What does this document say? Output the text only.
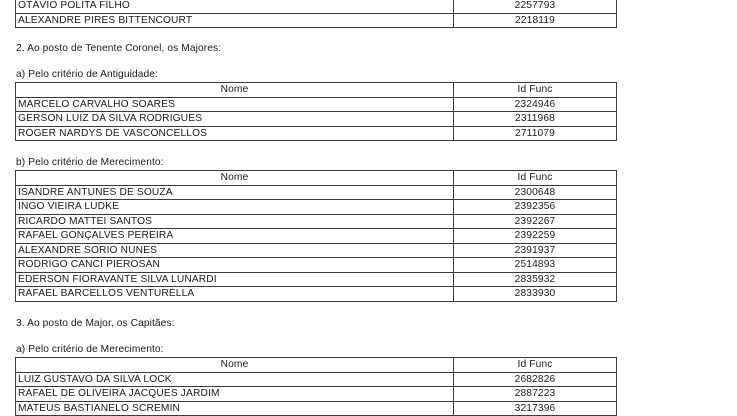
OTÁVIO POLITA FILHO	2257793
ALEXANDRE PIRES BITTENCOURT	2218119
2. Ao posto de Tenente Coronel, os Majores:
a) Pelo critério de Antiguidade:
Nome	Id Func
MARCELO CARVALHO SOARES	2324946
GERSON LUIZ DA SILVA RODRIGUES	2311968
ROGER NARDYS DE VASCONCELLOS	2711079
b) Pelo critério de Merecimento:
Nome	Id Func
ISANDRE ANTUNES DE SOUZA	2300648
INGO VIEIRA LUDKE	2392356
RICARDO MATTEI SANTOS	2392267
RAFAEL GONÇALVES PEREIRA	2392259
ALEXANDRE SORIO NUNES	2391937
RODRIGO CANCI PIEROSAN	2514893
EDERSON FIORAVANTE SILVA LUNARDI	2835932
RAFAEL BARCELLOS VENTURELLA	2833930
3. Ao posto de Major, os Capitães:
a) Pelo critério de Merecimento:
Nome	Id Func
LUIZ GUSTAVO DA SILVA LOCK	2682826
RAFAEL DE OLIVEIRA JACQUES JARDIM	2887223
MATEUS BASTIANELO SCREMIN	3217396
